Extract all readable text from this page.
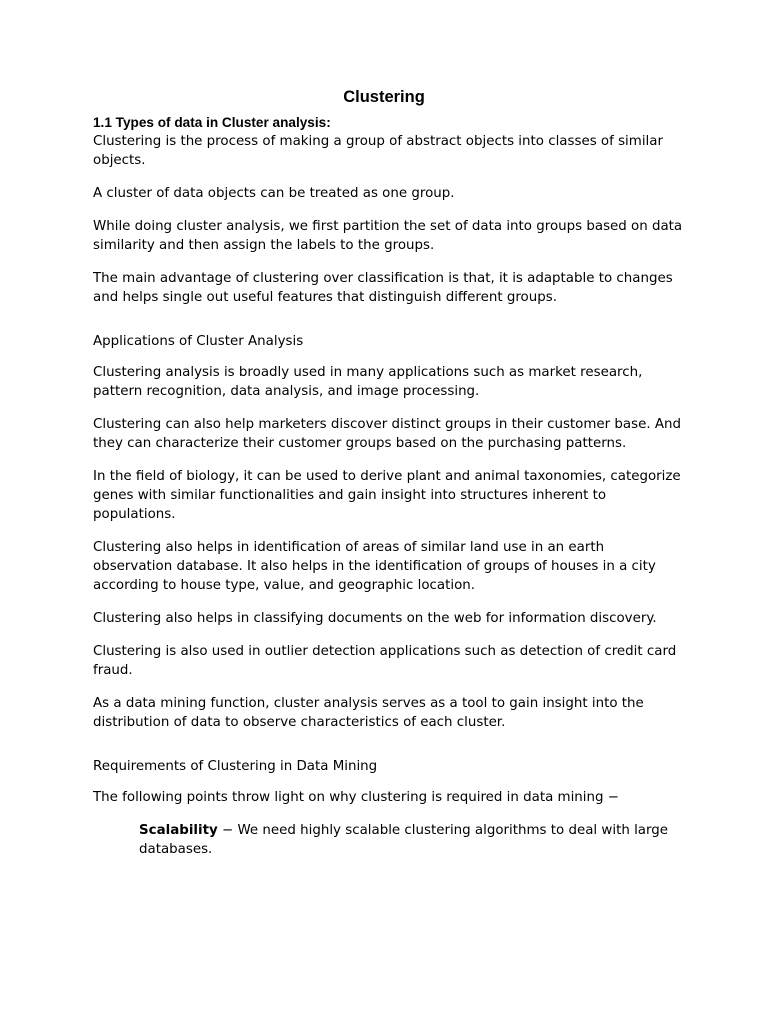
Clustering
1.1 Types of data in Cluster analysis:

Clustering is the process of making a group of abstract objects into classes of similar objects.

A cluster of data objects can be treated as one group.

While doing cluster analysis, we first partition the set of data into groups based on data similarity and then assign the labels to the groups.

The main advantage of clustering over classification is that, it is adaptable to changes and helps single out useful features that distinguish different groups.

Applications of Cluster Analysis

Clustering analysis is broadly used in many applications such as market research, pattern recognition, data analysis, and image processing.

Clustering can also help marketers discover distinct groups in their customer base. And they can characterize their customer groups based on the purchasing patterns.

In the field of biology, it can be used to derive plant and animal taxonomies, categorize genes with similar functionalities and gain insight into structures inherent to populations.

Clustering also helps in identification of areas of similar land use in an earth observation database. It also helps in the identification of groups of houses in a city according to house type, value, and geographic location.

Clustering also helps in classifying documents on the web for information discovery.

Clustering is also used in outlier detection applications such as detection of credit card fraud.

As a data mining function, cluster analysis serves as a tool to gain insight into the distribution of data to observe characteristics of each cluster.

Requirements of Clustering in Data Mining

The following points throw light on why clustering is required in data mining −

Scalability − We need highly scalable clustering algorithms to deal with large databases.
